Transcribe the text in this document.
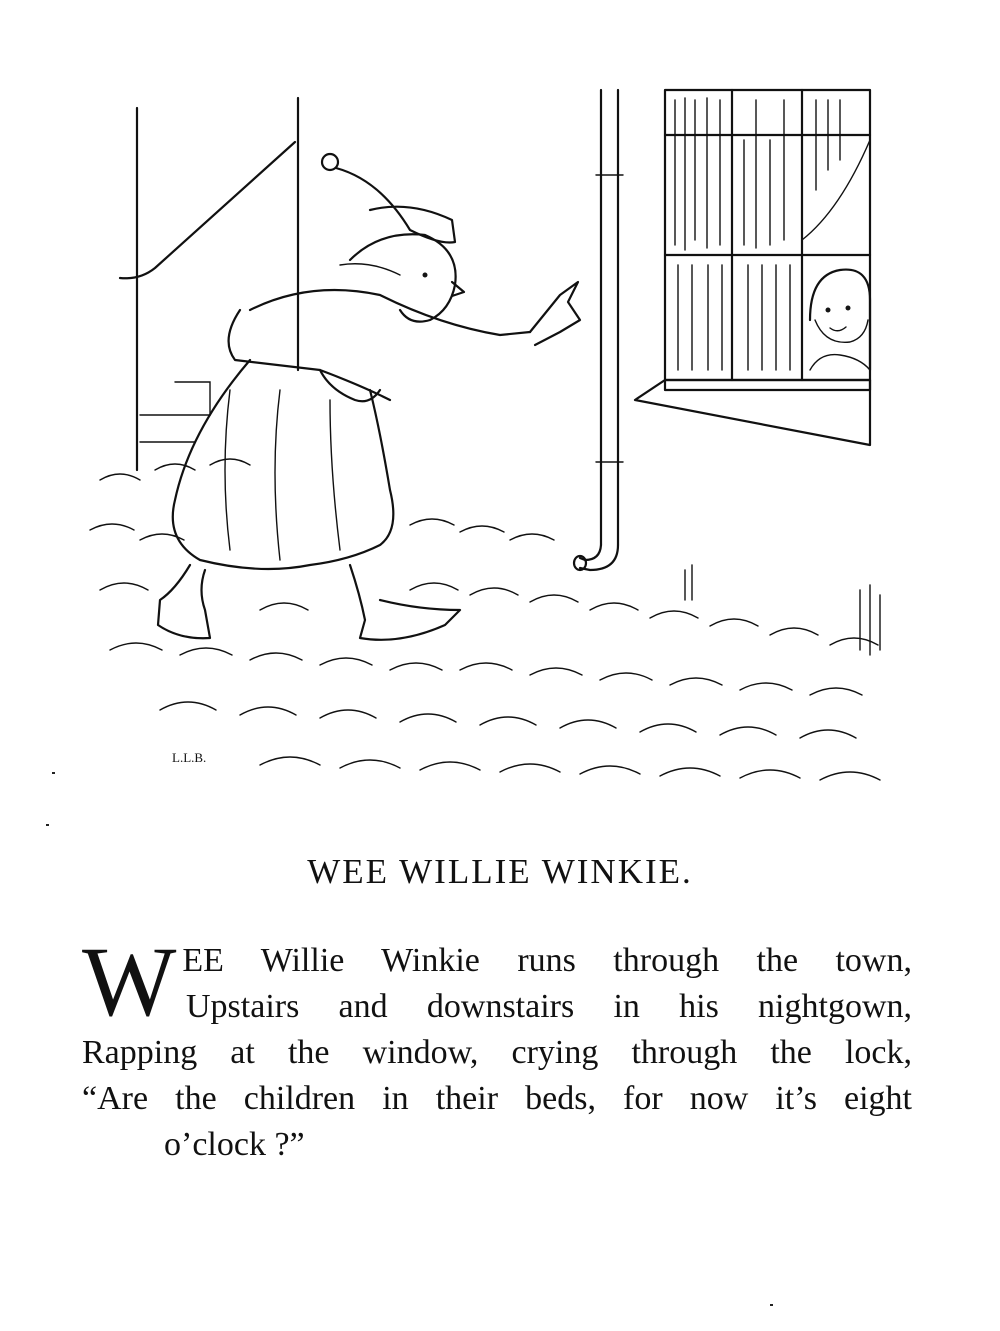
L.L.B.
WEE WILLIE WINKIE.
W EE Willie Winkie runs through the town,
Upstairs and downstairs in his nightgown,
Rapping at the window, crying through the lock,
“Are the children in their beds, for now it’s eight
o’clock ?”
